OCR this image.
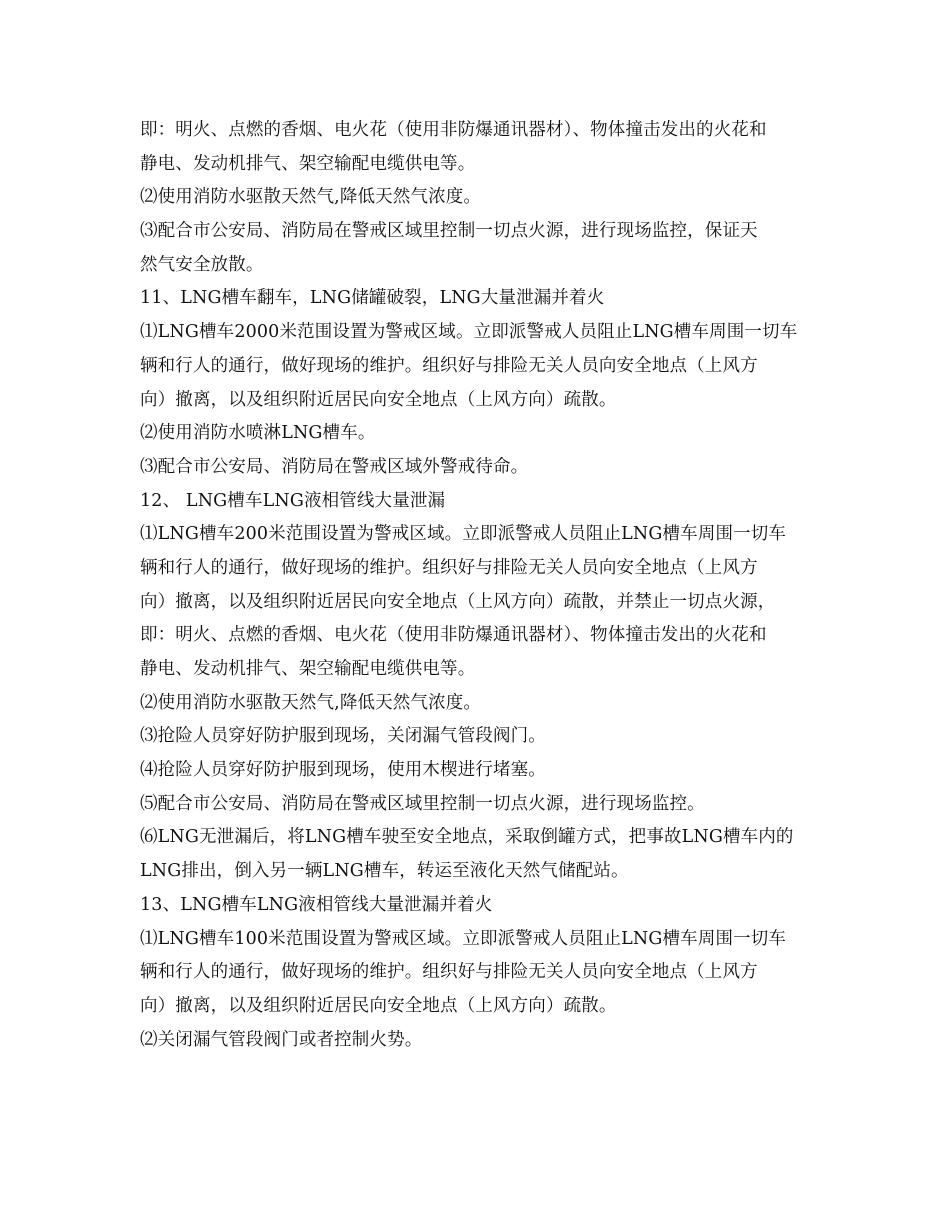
即：明火、点燃的香烟、电火花（使用非防爆通讯器材）、物体撞击发出的火花和
静电、发动机排气、架空输配电缆供电等。
⑵使用消防水驱散天然气,降低天然气浓度。
⑶配合市公安局、消防局在警戒区域里控制一切点火源，进行现场监控，保证天
然气安全放散。
11、LNG槽车翻车，LNG储罐破裂，LNG大量泄漏并着火
⑴LNG槽车2000米范围设置为警戒区域。立即派警戒人员阻止LNG槽车周围一切车
辆和行人的通行，做好现场的维护。组织好与排险无关人员向安全地点（上风方
向）撤离，以及组织附近居民向安全地点（上风方向）疏散。
⑵使用消防水喷淋LNG槽车。
⑶配合市公安局、消防局在警戒区域外警戒待命。
12、 LNG槽车LNG液相管线大量泄漏
⑴LNG槽车200米范围设置为警戒区域。立即派警戒人员阻止LNG槽车周围一切车
辆和行人的通行，做好现场的维护。组织好与排险无关人员向安全地点（上风方
向）撤离，以及组织附近居民向安全地点（上风方向）疏散，并禁止一切点火源，
即：明火、点燃的香烟、电火花（使用非防爆通讯器材）、物体撞击发出的火花和
静电、发动机排气、架空输配电缆供电等。
⑵使用消防水驱散天然气,降低天然气浓度。
⑶抢险人员穿好防护服到现场，关闭漏气管段阀门。
⑷抢险人员穿好防护服到现场，使用木楔进行堵塞。
⑸配合市公安局、消防局在警戒区域里控制一切点火源，进行现场监控。
⑹LNG无泄漏后，将LNG槽车驶至安全地点，采取倒罐方式，把事故LNG槽车内的
LNG排出，倒入另一辆LNG槽车，转运至液化天然气储配站。
13、LNG槽车LNG液相管线大量泄漏并着火
⑴LNG槽车100米范围设置为警戒区域。立即派警戒人员阻止LNG槽车周围一切车
辆和行人的通行，做好现场的维护。组织好与排险无关人员向安全地点（上风方
向）撤离，以及组织附近居民向安全地点（上风方向）疏散。
⑵关闭漏气管段阀门或者控制火势。
